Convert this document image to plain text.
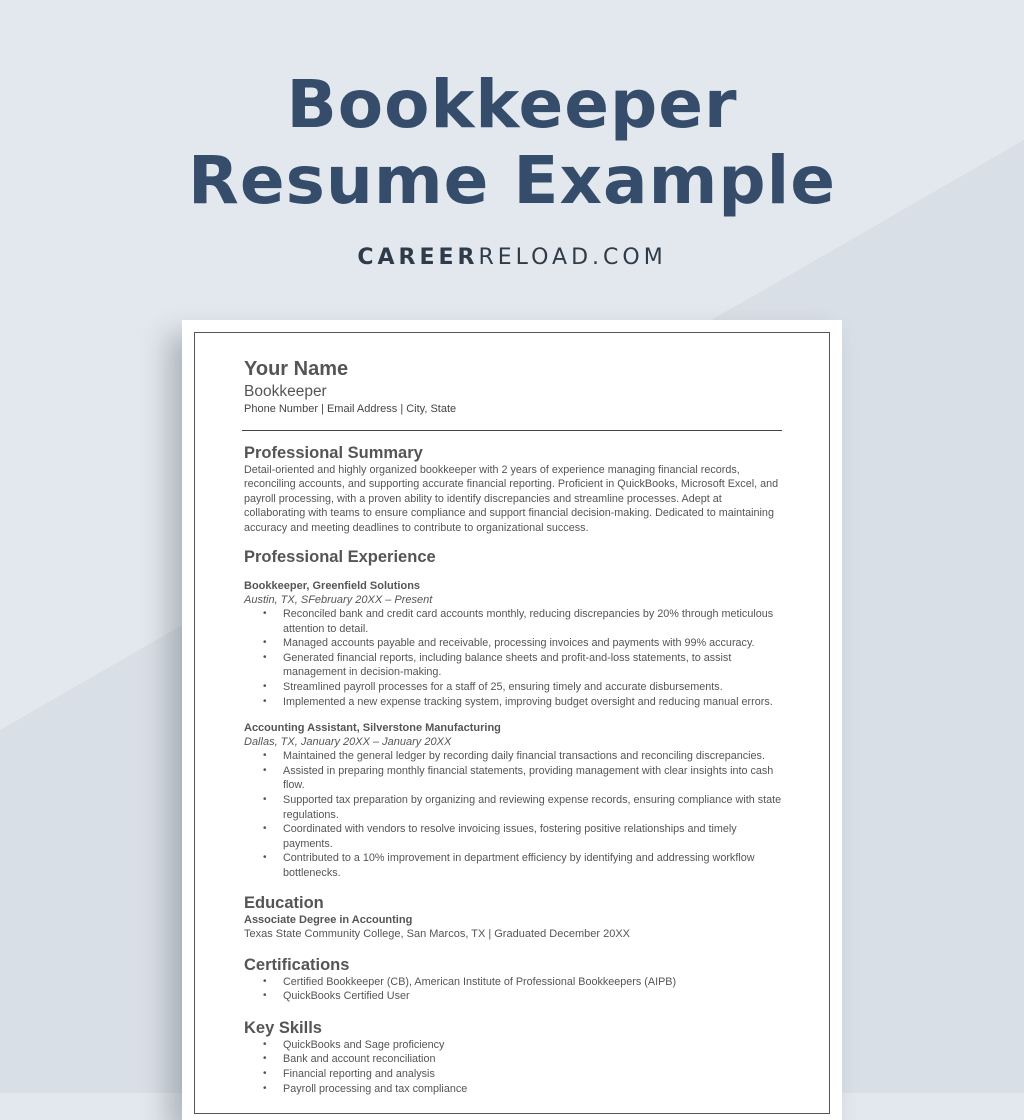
Bookkeeper
Resume Example
CAREERRELOAD.COM
Your Name
Bookkeeper
Phone Number | Email Address | City, State
Professional Summary

Detail-oriented and highly organized bookkeeper with 2 years of experience managing financial records, reconciling accounts, and supporting accurate financial reporting. Proficient in QuickBooks, Microsoft Excel, and payroll processing, with a proven ability to identify discrepancies and streamline processes. Adept at collaborating with teams to ensure compliance and support financial decision-making. Dedicated to maintaining accuracy and meeting deadlines to contribute to organizational success.

Professional Experience
Bookkeeper, Greenfield Solutions
Austin, TX, SFebruary 20XX – Present
• Reconciled bank and credit card accounts monthly, reducing discrepancies by 20% through meticulous attention to detail.
• Managed accounts payable and receivable, processing invoices and payments with 99% accuracy.
• Generated financial reports, including balance sheets and profit-and-loss statements, to assist management in decision-making.
• Streamlined payroll processes for a staff of 25, ensuring timely and accurate disbursements.
• Implemented a new expense tracking system, improving budget oversight and reducing manual errors.
Accounting Assistant, Silverstone Manufacturing
Dallas, TX, January 20XX – January 20XX
• Maintained the general ledger by recording daily financial transactions and reconciling discrepancies.
• Assisted in preparing monthly financial statements, providing management with clear insights into cash flow.
• Supported tax preparation by organizing and reviewing expense records, ensuring compliance with state regulations.
• Coordinated with vendors to resolve invoicing issues, fostering positive relationships and timely payments.
• Contributed to a 10% improvement in department efficiency by identifying and addressing workflow bottlenecks.
Education
Associate Degree in Accounting
Texas State Community College, San Marcos, TX | Graduated December 20XX
Certifications
• Certified Bookkeeper (CB), American Institute of Professional Bookkeepers (AIPB)
• QuickBooks Certified User
Key Skills
• QuickBooks and Sage proficiency
• Bank and account reconciliation
• Financial reporting and analysis
• Payroll processing and tax compliance
